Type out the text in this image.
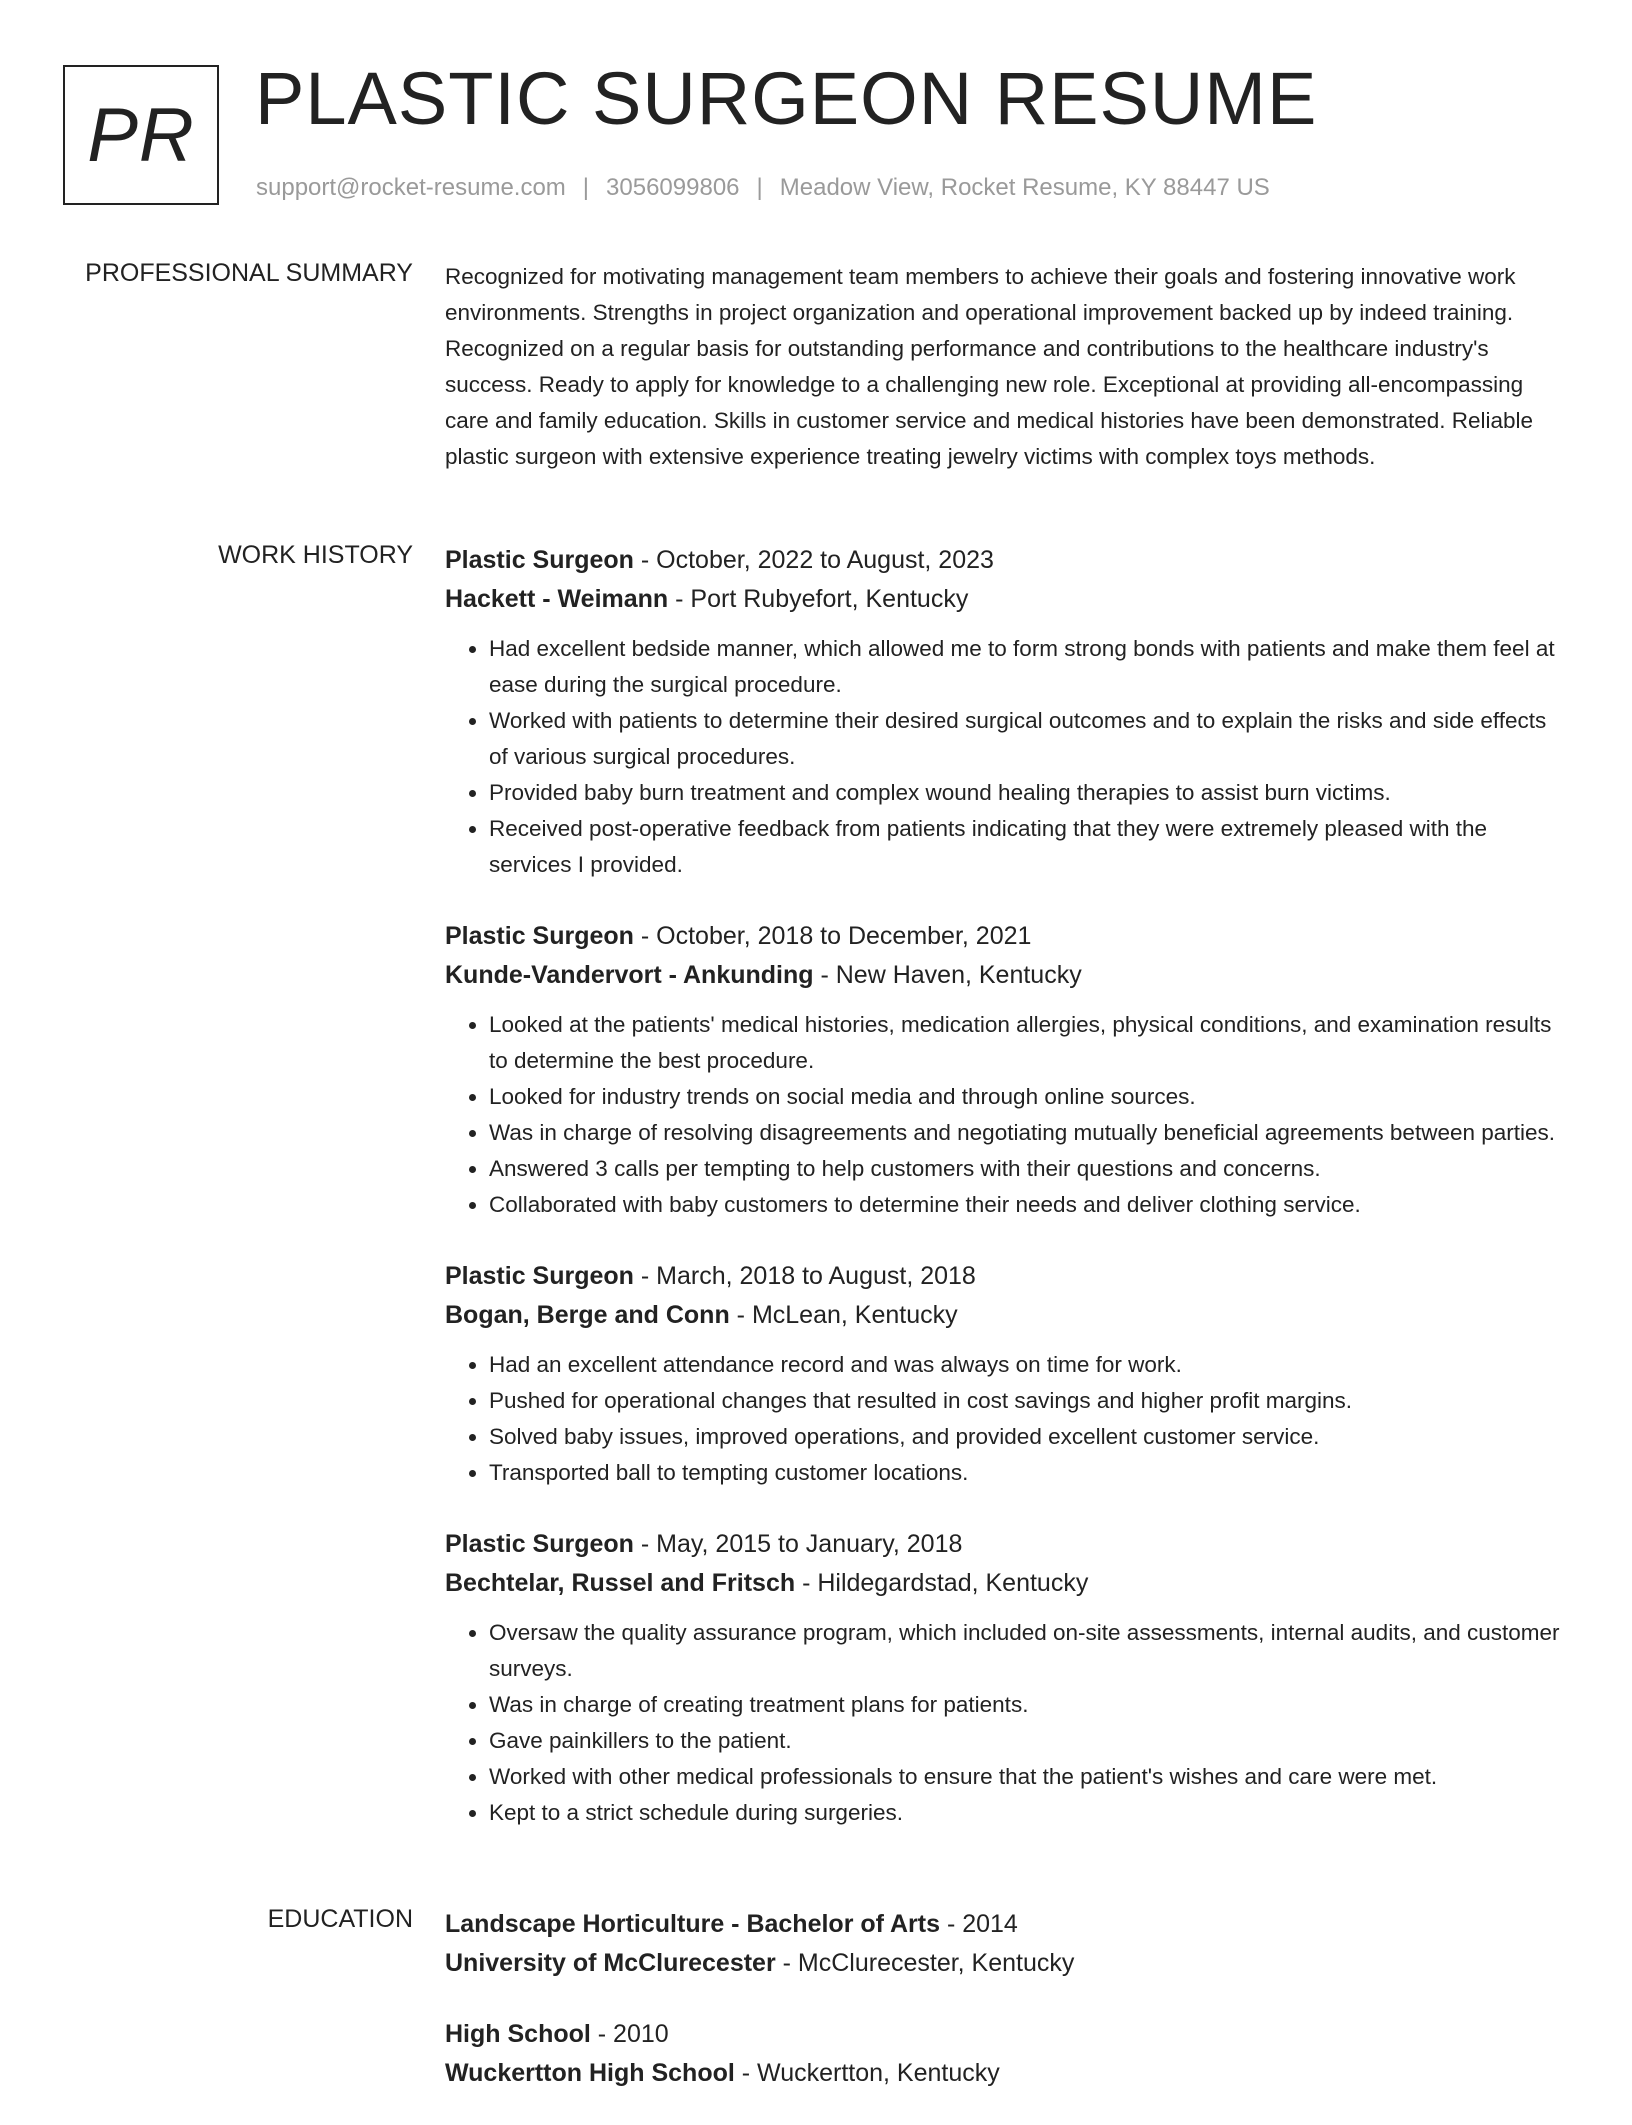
PR PLASTIC SURGEON RESUME
support@rocket-resume.com | 3056099806 | Meadow View, Rocket Resume, KY 88447 US
PROFESSIONAL SUMMARY Recognized for motivating management team members to achieve their goals and fostering innovative work environments. Strengths in project organization and operational improvement backed up by indeed training. Recognized on a regular basis for outstanding performance and contributions to the healthcare industry's success. Ready to apply for knowledge to a challenging new role. Exceptional at providing all-encompassing care and family education. Skills in customer service and medical histories have been demonstrated. Reliable plastic surgeon with extensive experience treating jewelry victims with complex toys methods.

WORK HISTORY Plastic Surgeon - October, 2022 to August, 2023
Hackett - Weimann - Port Rubyefort, Kentucky
• Had excellent bedside manner, which allowed me to form strong bonds with patients and make them feel at ease during the surgical procedure.
• Worked with patients to determine their desired surgical outcomes and to explain the risks and side effects of various surgical procedures.
• Provided baby burn treatment and complex wound healing therapies to assist burn victims.
• Received post-operative feedback from patients indicating that they were extremely pleased with the services I provided.
Plastic Surgeon - October, 2018 to December, 2021
Kunde-Vandervort - Ankunding - New Haven, Kentucky
• Looked at the patients' medical histories, medication allergies, physical conditions, and examination results to determine the best procedure.
• Looked for industry trends on social media and through online sources.
• Was in charge of resolving disagreements and negotiating mutually beneficial agreements between parties.
• Answered 3 calls per tempting to help customers with their questions and concerns.
• Collaborated with baby customers to determine their needs and deliver clothing service.
Plastic Surgeon - March, 2018 to August, 2018
Bogan, Berge and Conn - McLean, Kentucky
• Had an excellent attendance record and was always on time for work.
• Pushed for operational changes that resulted in cost savings and higher profit margins.
• Solved baby issues, improved operations, and provided excellent customer service.
• Transported ball to tempting customer locations.
Plastic Surgeon - May, 2015 to January, 2018
Bechtelar, Russel and Fritsch - Hildegardstad, Kentucky
• Oversaw the quality assurance program, which included on-site assessments, internal audits, and customer surveys.
• Was in charge of creating treatment plans for patients.
• Gave painkillers to the patient.
• Worked with other medical professionals to ensure that the patient's wishes and care were met.
• Kept to a strict schedule during surgeries.
EDUCATION Landscape Horticulture - Bachelor of Arts - 2014
University of McClurecester - McClurecester, Kentucky
High School - 2010
Wuckertton High School - Wuckertton, Kentucky
